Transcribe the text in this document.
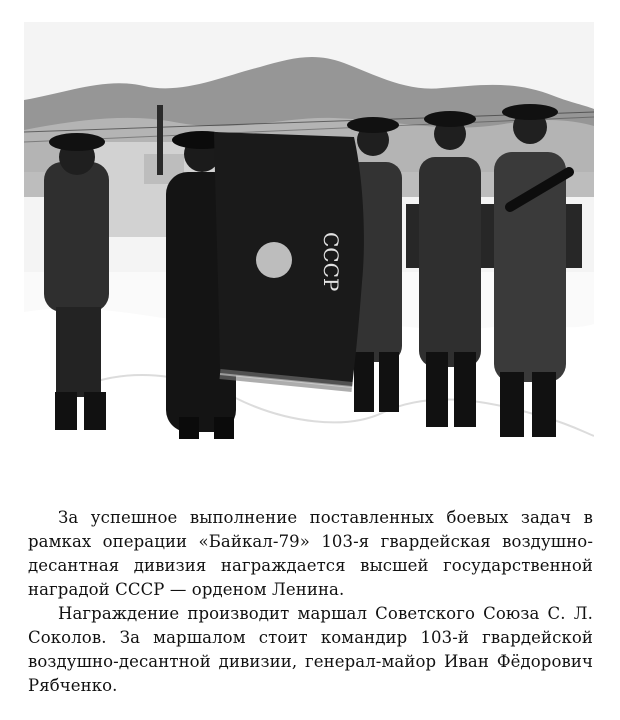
СССР

За успешное выполнение поставленных боевых задач в рамках операции «Байкал-79» 103-я гвардейская воздушно-десантная дивизия награждается высшей государственной наградой СССР — орденом Ленина.

Награждение производит маршал Советского Союза С. Л. Соколов. За маршалом стоит командир 103-й гвардейской воздушно-десантной дивизии, генерал-майор Иван Фёдорович Рябченко.
